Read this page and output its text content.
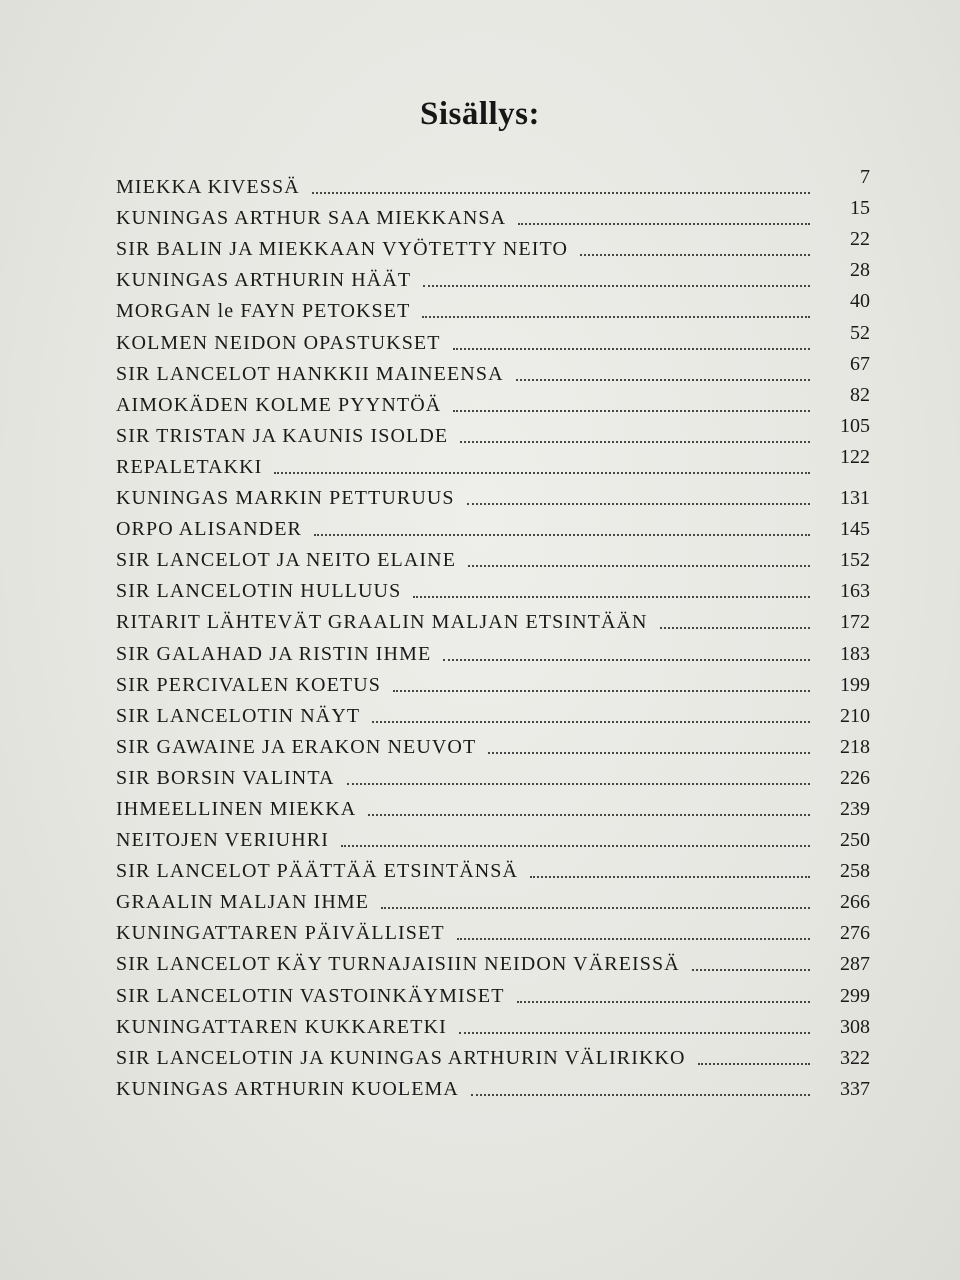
Sisällys:
MIEKKA KIVESSÄ	7
KUNINGAS ARTHUR SAA MIEKKANSA	15
SIR BALIN JA MIEKKAAN VYÖTETTY NEITO	22
KUNINGAS ARTHURIN HÄÄT	28
MORGAN le FAYN PETOKSET	40
KOLMEN NEIDON OPASTUKSET	52
SIR LANCELOT HANKKII MAINEENSA	67
AIMOKÄDEN KOLME PYYNTÖÄ	82
SIR TRISTAN JA KAUNIS ISOLDE	105
REPALETAKKI	122
KUNINGAS MARKIN PETTURUUS	131
ORPO ALISANDER	145
SIR LANCELOT JA NEITO ELAINE	152
SIR LANCELOTIN HULLUUS	163
RITARIT LÄHTEVÄT GRAALIN MALJAN ETSINTÄÄN	172
SIR GALAHAD JA RISTIN IHME	183
SIR PERCIVALEN KOETUS	199
SIR LANCELOTIN NÄYT	210
SIR GAWAINE JA ERAKON NEUVOT	218
SIR BORSIN VALINTA	226
IHMEELLINEN MIEKKA	239
NEITOJEN VERIUHRI	250
SIR LANCELOT PÄÄTTÄÄ ETSINTÄNSÄ	258
GRAALIN MALJAN IHME	266
KUNINGATTAREN PÄIVÄLLISET	276
SIR LANCELOT KÄY TURNAJAISIIN NEIDON VÄREISSÄ	287
SIR LANCELOTIN VASTOINKÄYMISET	299
KUNINGATTAREN KUKKARETKI	308
SIR LANCELOTIN JA KUNINGAS ARTHURIN VÄLIRIKKO	322
KUNINGAS ARTHURIN KUOLEMA	337
